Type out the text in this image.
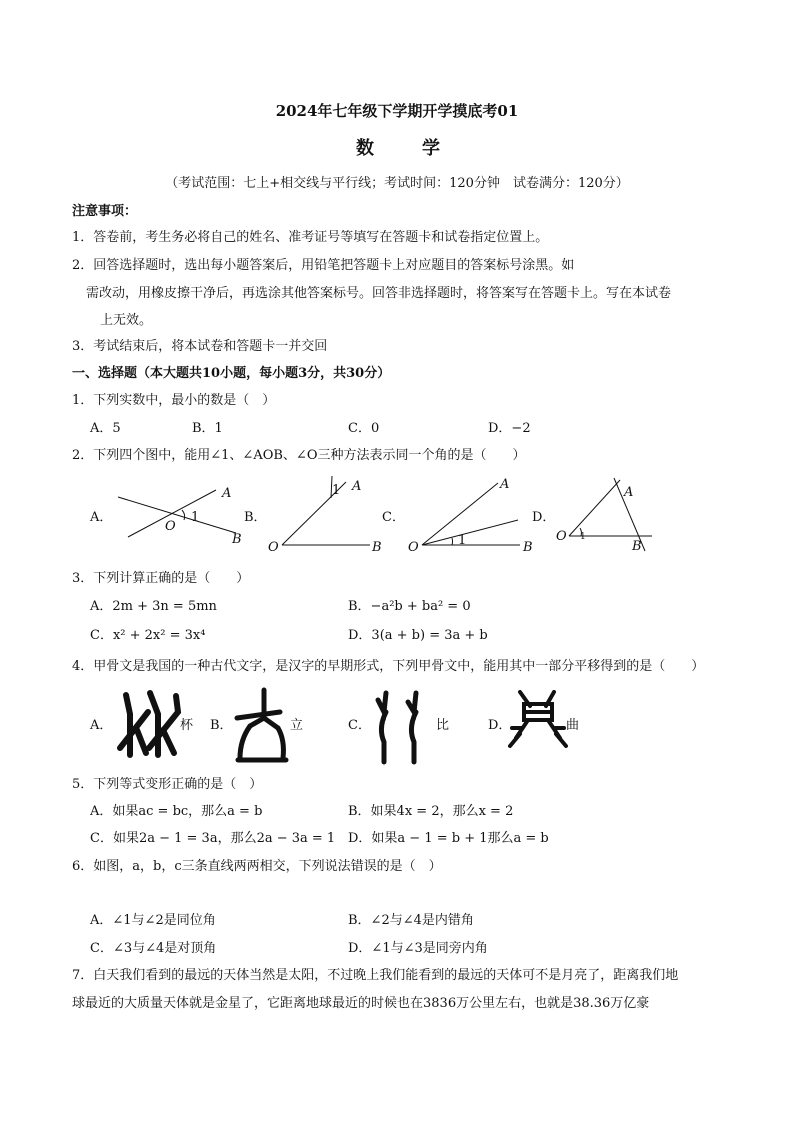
2024年七年级下学期开学摸底考01
数	学
（考试范围：七上+相交线与平行线；考试时间：120分钟　试卷满分：120分）
注意事项：
1．答卷前，考生务必将自己的姓名、准考证号等填写在答题卡和试卷指定位置上。
2．回答选择题时，选出每小题答案后，用铅笔把答题卡上对应题目的答案标号涂黑。如
需改动，用橡皮擦干净后，再选涂其他答案标号。回答非选择题时，将答案写在答题卡上。写在本试卷
上无效。
3．考试结束后，将本试卷和答题卡一并交回
一、选择题（本大题共10小题，每小题3分，共30分）
1．下列实数中，最小的数是（　）
A．5	B．1	C．0	D．−2
2．下列四个图中，能用∠1、∠AOB、∠O三种方法表示同一个角的是（　　）
A．	B．	C．	D．
A
B
O
1
A
B
O
1	A
B
O	1
A
B
O 1
3．下列计算正确的是（　　）
A．2m + 3n = 5mn	B．−a²b + ba² = 0
C．x² + 2x² = 3x⁴	D．3(a + b) = 3a + b
4．甲骨文是我国的一种古代文字，是汉字的早期形式，下列甲骨文中，能用其中一部分平移得到的是（　　）
A．	杯 B．	立	C．	比	D．	曲
5．下列等式变形正确的是（　）
A．如果ac = bc，那么a = b	B．如果4x = 2，那么x = 2
C．如果2a − 1 = 3a，那么2a − 3a = 1 D．如果a − 1 = b + 1那么a = b
6．如图，a，b，c三条直线两两相交，下列说法错误的是（　）
A．∠1与∠2是同位角	B．∠2与∠4是内错角
C．∠3与∠4是对顶角	D．∠1与∠3是同旁内角
7．白天我们看到的最远的天体当然是太阳，不过晚上我们能看到的最远的天体可不是月亮了，距离我们地
球最近的大质量天体就是金星了，它距离地球最近的时候也在3836万公里左右，也就是38.36万亿豪
